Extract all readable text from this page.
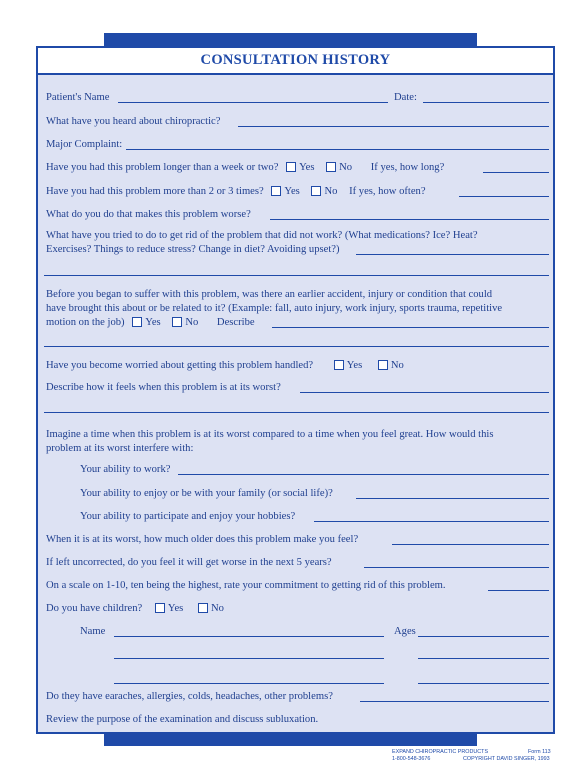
CONSULTATION HISTORY
Patient's Name	Date:
What have you heard about chiropractic?
Major Complaint:
Have you had this problem longer than a week or two? Yes No If yes, how long?
Have you had this problem more than 2 or 3 times? Yes No If yes, how often?
What do you do that makes this problem worse?
What have you tried to do to get rid of the problem that did not work? (What medications? Ice? Heat?
Exercises? Things to reduce stress? Change in diet? Avoiding upset?)
Before you began to suffer with this problem, was there an earlier accident, injury or condition that could
have brought this about or be related to it? (Example: fall, auto injury, work injury, sports trauma, repetitive
motion on the job) Yes No Describe
Have you become worried about getting this problem handled?	Yes	No
Describe how it feels when this problem is at its worst?
Imagine a time when this problem is at its worst compared to a time when you feel great. How would this
problem at its worst interfere with:
Your ability to work?
Your ability to enjoy or be with your family (or social life)?
Your ability to participate and enjoy your hobbies?
When it is at its worst, how much older does this problem make you feel?
If left uncorrected, do you feel it will get worse in the next 5 years?
On a scale on 1-10, ten being the highest, rate your commitment to getting rid of this problem.
Do you have children? Yes	No
Name	Ages
Do they have earaches, allergies, colds, headaches, other problems?
Review the purpose of the examination and discuss subluxation.
EXPAND CHIROPRACTIC PRODUCTS
1-800-548-3676
Form 113
COPYRIGHT DAVID SINGER, 1993
